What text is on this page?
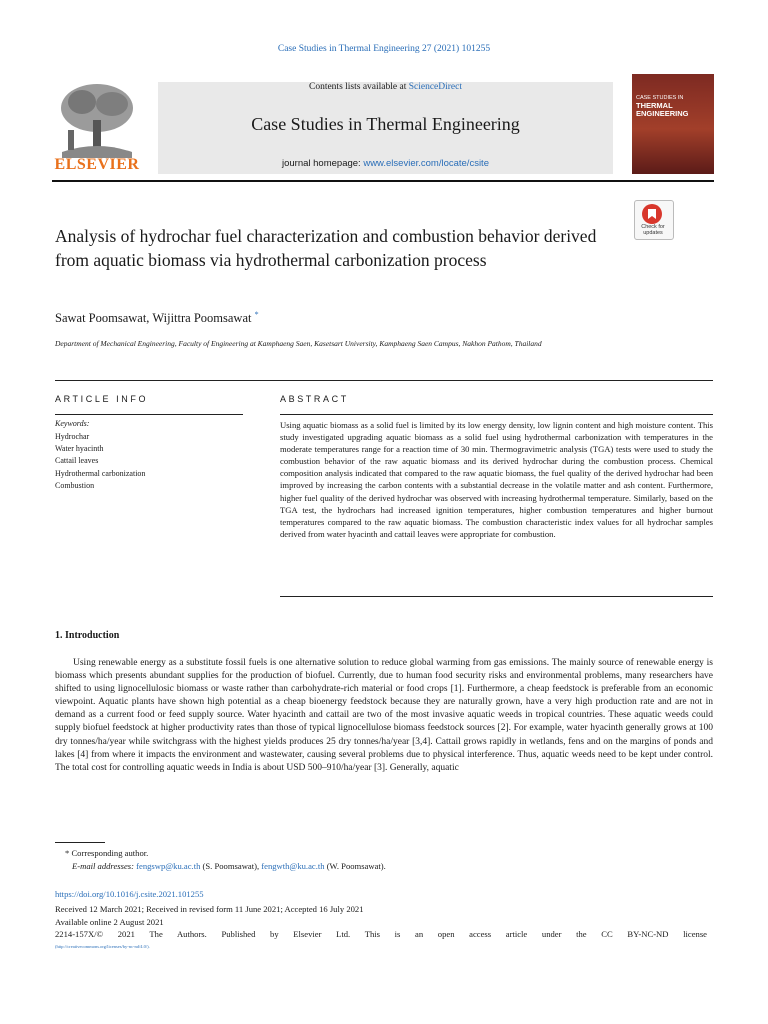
Case Studies in Thermal Engineering 27 (2021) 101255
ELSEVIER
Contents lists available at ScienceDirect
Case Studies in Thermal Engineering
journal homepage: www.elsevier.com/locate/csite

CASE STUDIES IN
THERMAL
ENGINEERING
Check for updates
Analysis of hydrochar fuel characterization and combustion behavior derived from aquatic biomass via hydrothermal carbonization process
Sawat Poomsawat, Wijittra Poomsawat *
Department of Mechanical Engineering, Faculty of Engineering at Kamphaeng Saen, Kasetsart University, Kamphaeng Saen Campus, Nakhon Pathom, Thailand
ARTICLE INFO
Keywords:
Hydrochar
Water hyacinth
Cattail leaves
Hydrothermal carbonization
Combustion
ABSTRACT
Using aquatic biomass as a solid fuel is limited by its low energy density, low lignin content and high moisture content. This study investigated upgrading aquatic biomass as a solid fuel using hydrothermal carbonization with temperatures in the moderate temperatures range for a reaction time of 30 min. Thermogravimetric analysis (TGA) tests were used to study the combustion behavior of the raw aquatic biomass and its derived hydrochar during the combustion process. Chemical composition analysis indicated that compared to the raw aquatic biomass, the fuel quality of the derived hydrochar had been improved by increasing the carbon contents with a substantial decrease in the volatile matter and ash content. Furthermore, higher fuel quality of the derived hydrochar was observed with increasing hydrothermal temperature. Similarly, based on the TGA test, the hydrochars had increased ignition temperatures, higher combustion temperatures and higher burnout temperatures compared to the raw aquatic biomass. The combustion characteristic index values for all hydrochar samples derived from water hyacinth and cattail leaves were appropriate for combustion.
1. Introduction
Using renewable energy as a substitute fossil fuels is one alternative solution to reduce global warming from gas emissions. The mainly source of renewable energy is biomass which presents abundant supplies for the production of biofuel. Currently, due to human food security risks and environmental problems, many researchers have shifted to using lignocellulosic biomass or waste rather than carbohydrate-rich material or food crops [1]. Furthermore, a cheap feedstock is preferable from an economic viewpoint. Aquatic plants have shown high potential as a cheap bioenergy feedstock because they are naturally grown, have a very high production rate and are not in demand as a current food or feed supply source. Water hyacinth and cattail are two of the most invasive aquatic weeds in tropical countries. These aquatic weeds could supply biofuel feedstock at higher productivity rates than those of typical lignocellulose biomass feedstock sources [2]. For example, water hyacinth generally grows at 100 dry tonnes/ha/year while switchgrass with the highest yields produces 25 dry tonnes/ha/year [3,4]. Cattail grows rapidly in wetlands, fens and on the margins of ponds and lakes [4] from where it impacts the environment and wastewater, causing several problems due to physical interference. Thus, aquatic weeds need to be kept under control. The total cost for controlling aquatic weeds in India is about USD 500–910/ha/year [3]. Generally, aquatic
* Corresponding author.
E-mail addresses: fengswp@ku.ac.th (S. Poomsawat), fengwth@ku.ac.th (W. Poomsawat).
https://doi.org/10.1016/j.csite.2021.101255
Received 12 March 2021; Received in revised form 11 June 2021; Accepted 16 July 2021
Available online 2 August 2021
2214-157X/© 2021 The Authors. Published by Elsevier Ltd. This is an open access article under the CC BY-NC-ND license
(http://creativecommons.org/licenses/by-nc-nd/4.0/).
